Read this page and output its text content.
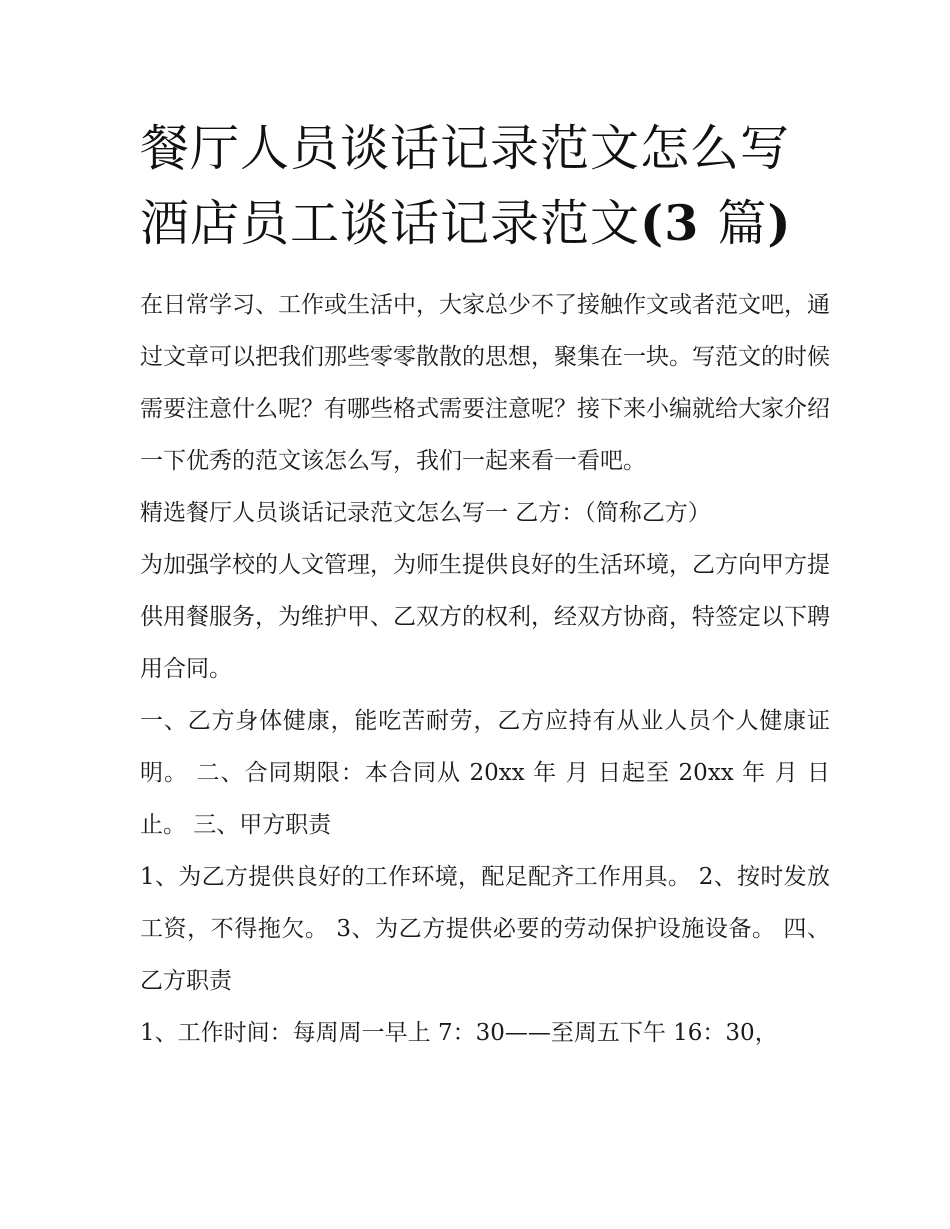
餐厅人员谈话记录范文怎么写
酒店员工谈话记录范文(3 篇)

在日常学习、工作或生活中，大家总少不了接触作文或者范文吧，通过文章可以把我们那些零零散散的思想，聚集在一块。写范文的时候需要注意什么呢？有哪些格式需要注意呢？接下来小编就给大家介绍一下优秀的范文该怎么写，我们一起来看一看吧。

精选餐厅人员谈话记录范文怎么写一 乙方：（简称乙方）

为加强学校的人文管理，为师生提供良好的生活环境，乙方向甲方提供用餐服务，为维护甲、乙双方的权利，经双方协商，特签定以下聘用合同。

一、乙方身体健康，能吃苦耐劳，乙方应持有从业人员个人健康证明。 二、合同期限：本合同从 20xx 年 月 日起至 20xx 年 月 日止。 三、甲方职责

1、为乙方提供良好的工作环境，配足配齐工作用具。 2、按时发放工资，不得拖欠。 3、为乙方提供必要的劳动保护设施设备。 四、乙方职责

1、工作时间：每周周一早上 7：30——至周五下午 16：30，
